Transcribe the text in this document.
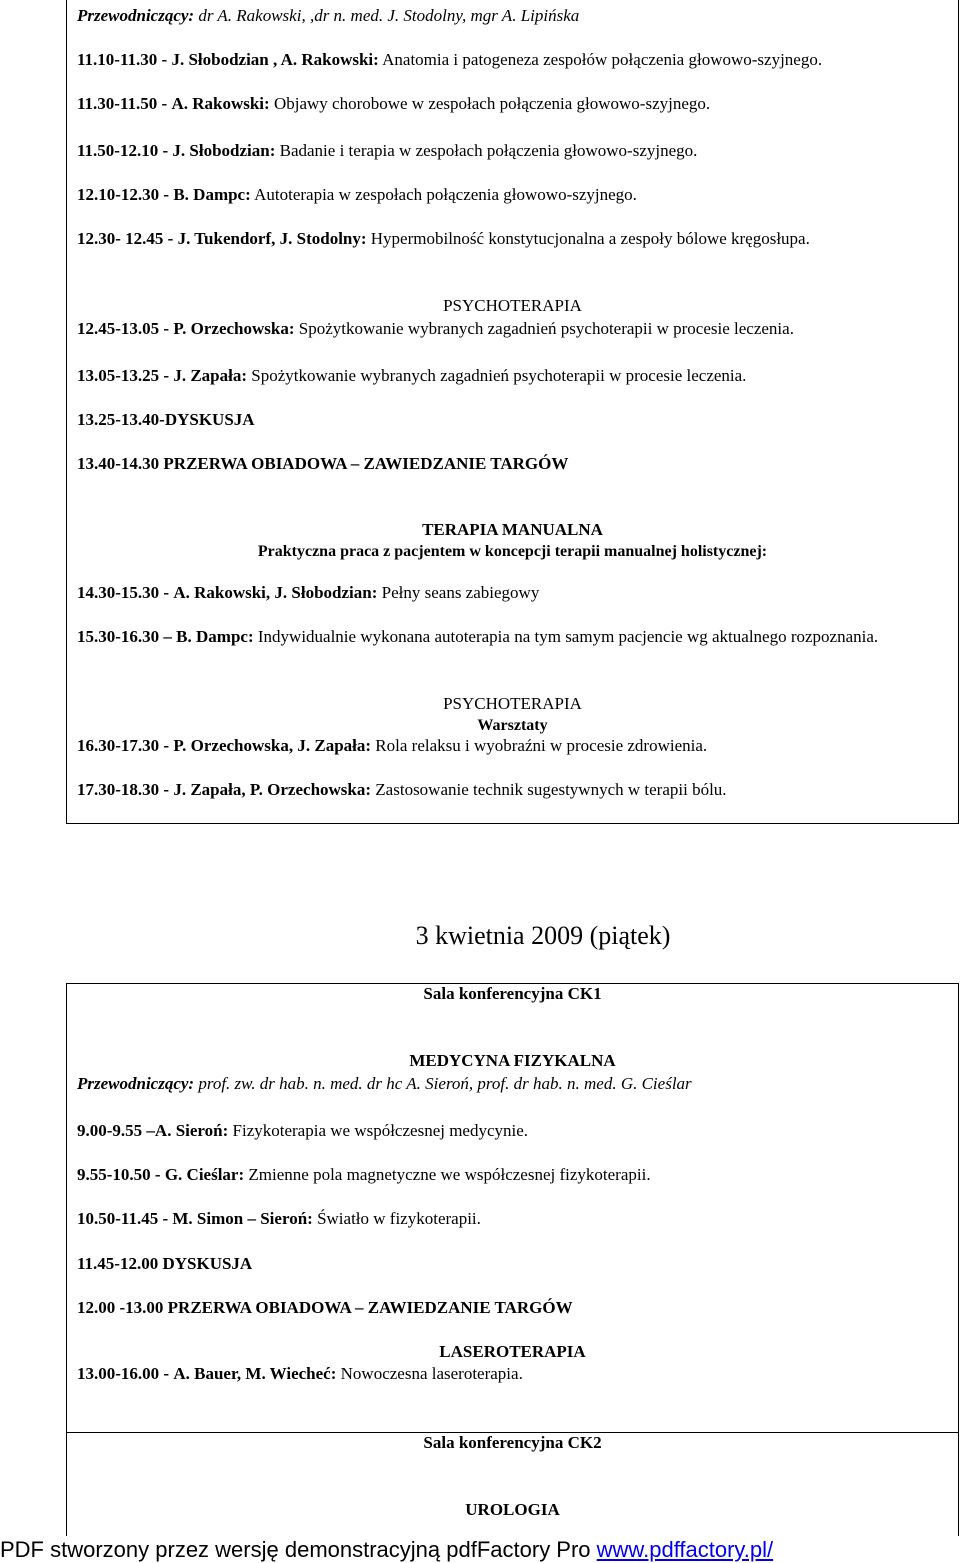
Przewodniczący: dr A. Rakowski, ,dr n. med. J. Stodolny, mgr A. Lipińska
11.10-11.30 - J. Słobodzian , A. Rakowski: Anatomia i patogeneza zespołów połączenia głowowo-szyjnego.
11.30-11.50 - A. Rakowski: Objawy chorobowe w zespołach połączenia głowowo-szyjnego.
11.50-12.10 - J. Słobodzian: Badanie i terapia w zespołach połączenia głowowo-szyjnego.
12.10-12.30 - B. Dampc: Autoterapia w zespołach połączenia głowowo-szyjnego.
12.30- 12.45 - J. Tukendorf, J. Stodolny: Hypermobilność konstytucjonalna a zespoły bólowe kręgosłupa.
PSYCHOTERAPIA
12.45-13.05 - P. Orzechowska: Spożytkowanie wybranych zagadnień psychoterapii w procesie leczenia.
13.05-13.25 - J. Zapała: Spożytkowanie wybranych zagadnień psychoterapii w procesie leczenia.
13.25-13.40-DYSKUSJA
13.40-14.30 PRZERWA OBIADOWA – ZAWIEDZANIE TARGÓW
TERAPIA MANUALNA
Praktyczna praca z pacjentem w koncepcji terapii manualnej holistycznej:
14.30-15.30 - A. Rakowski, J. Słobodzian: Pełny seans zabiegowy
15.30-16.30 – B. Dampc: Indywidualnie wykonana autoterapia na tym samym pacjencie wg aktualnego rozpoznania.
PSYCHOTERAPIA
Warsztaty
16.30-17.30 - P. Orzechowska, J. Zapała: Rola relaksu i wyobraźni w procesie zdrowienia.
17.30-18.30 - J. Zapała, P. Orzechowska: Zastosowanie technik sugestywnych w terapii bólu.
3 kwietnia 2009 (piątek)
Sala konferencyjna CK1
MEDYCYNA FIZYKALNA
Przewodniczący: prof. zw. dr hab. n. med. dr hc A. Sieroń, prof. dr hab. n. med. G. Cieślar
9.00-9.55 –A. Sieroń: Fizykoterapia we współczesnej medycynie.
9.55-10.50 - G. Cieślar: Zmienne pola magnetyczne we współczesnej fizykoterapii.
10.50-11.45 - M. Simon – Sieroń: Światło w fizykoterapii.
11.45-12.00 DYSKUSJA
12.00 -13.00 PRZERWA OBIADOWA – ZAWIEDZANIE TARGÓW
LASEROTERAPIA
13.00-16.00 - A. Bauer, M. Wiecheć: Nowoczesna laseroterapia.
Sala konferencyjna CK2
UROLOGIA
PDF stworzony przez wersję demonstracyjną pdfFactory Pro www.pdffactory.pl/
